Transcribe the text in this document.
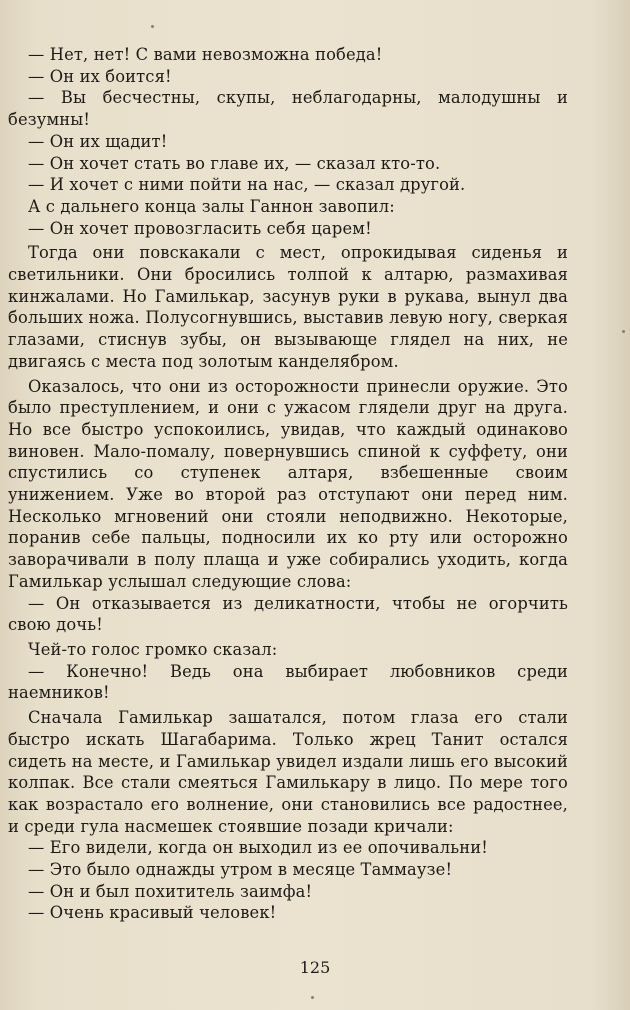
— Нет, нет! С вами невозможна победа!

— Он их боится!

— Вы бесчестны, скупы, неблагодарны, малодушны и безумны!

— Он их щадит!

— Он хочет стать во главе их, — сказал кто-то.

— И хочет с ними пойти на нас, — сказал другой.

А с дальнего конца залы Ганнон завопил:

— Он хочет провозгласить себя царем!

Тогда они повскакали с мест, опрокидывая сиденья и светильники. Они бросились толпой к алтарю, размахивая кинжалами. Но Гамилькар, засунув руки в рукава, вынул два больших ножа. Полусогнувшись, выставив левую ногу, сверкая глазами, стиснув зубы, он вызывающе глядел на них, не двигаясь с места под золотым канделябром.

Оказалось, что они из осторожности принесли оружие. Это было преступлением, и они с ужасом глядели друг на друга. Но все быстро успокоились, увидав, что каждый одинаково виновен. Мало-помалу, повернувшись спиной к суффету, они спустились со ступенек алтаря, взбешенные своим унижением. Уже во второй раз отступают они перед ним. Несколько мгновений они стояли неподвижно. Некоторые, поранив себе пальцы, подносили их ко рту или осторожно заворачивали в полу плаща и уже собирались уходить, когда Гамилькар услышал следующие слова:

— Он отказывается из деликатности, чтобы не огорчить свою дочь!

Чей-то голос громко сказал:

— Конечно! Ведь она выбирает любовников среди наемников!

Сначала Гамилькар зашатался, потом глаза его стали быстро искать Шагабарима. Только жрец Танит остался сидеть на месте, и Гамилькар увидел издали лишь его высокий колпак. Все стали смеяться Гамилькару в лицо. По мере того как возрастало его волнение, они становились все радостнее, и среди гула насмешек стоявшие позади кричали:

— Его видели, когда он выходил из ее опочивальни!

— Это было однажды утром в месяце Таммаузе!

— Он и был похититель заимфа!

— Очень красивый человек!

125
